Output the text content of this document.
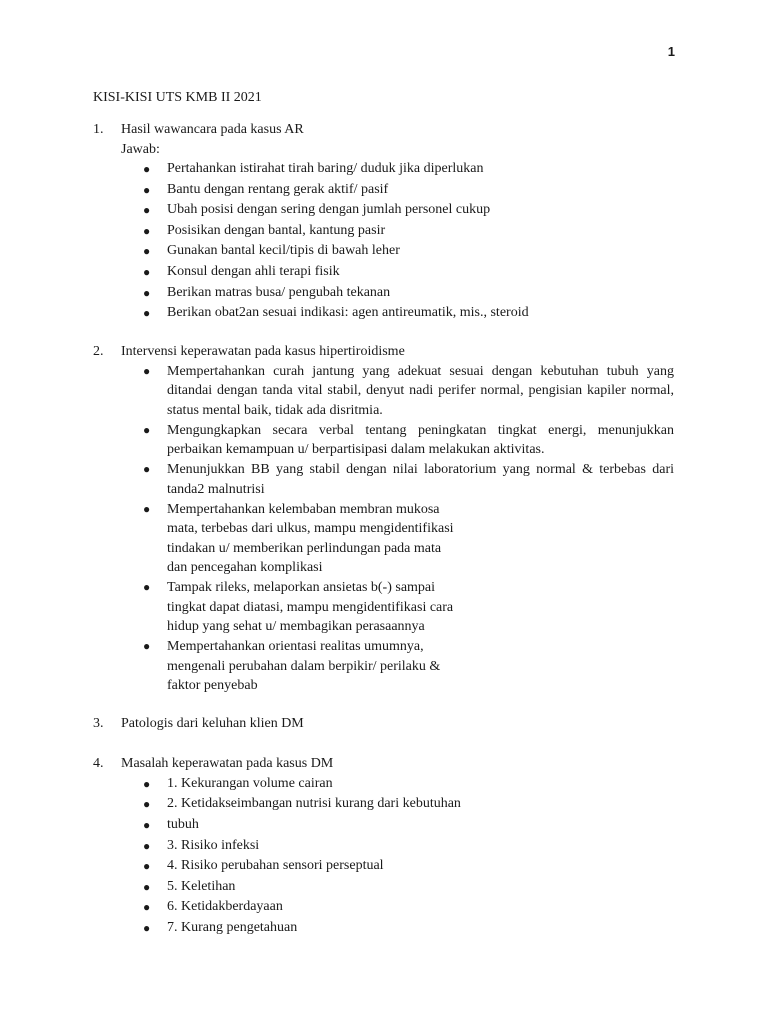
1
KISI-KISI UTS KMB II 2021
1.	Hasil wawancara pada kasus AR
Jawab:
● Pertahankan istirahat tirah baring/ duduk jika diperlukan
● Bantu dengan rentang gerak aktif/ pasif
● Ubah posisi dengan sering dengan jumlah personel cukup
● Posisikan dengan bantal, kantung pasir
● Gunakan bantal kecil/tipis di bawah leher
● Konsul dengan ahli terapi fisik
● Berikan matras busa/ pengubah tekanan
● Berikan obat2an sesuai indikasi: agen antireumatik, mis., steroid
2.	Intervensi keperawatan pada kasus hipertiroidisme
● Mempertahankan curah jantung yang adekuat sesuai dengan kebutuhan tubuh yang ditandai dengan tanda vital stabil, denyut nadi perifer normal, pengisian kapiler normal, status mental baik, tidak ada disritmia.
● Mengungkapkan secara verbal tentang peningkatan tingkat energi, menunjukkan perbaikan kemampuan u/ berpartisipasi dalam melakukan aktivitas.
● Menunjukkan BB yang stabil dengan nilai laboratorium yang normal & terbebas dari tanda2 malnutrisi
● Mempertahankan kelembaban membran mukosa
mata, terbebas dari ulkus, mampu mengidentifikasi
tindakan u/ memberikan perlindungan pada mata
dan pencegahan komplikasi
● Tampak rileks, melaporkan ansietas b(-) sampai
tingkat dapat diatasi, mampu mengidentifikasi cara
hidup yang sehat u/ membagikan perasaannya
● Mempertahankan orientasi realitas umumnya,
mengenali perubahan dalam berpikir/ perilaku &
faktor penyebab
3.	Patologis dari keluhan klien DM
4.	Masalah keperawatan pada kasus DM
● 1. Kekurangan volume cairan
● 2. Ketidakseimbangan nutrisi kurang dari kebutuhan
● tubuh
● 3. Risiko infeksi
● 4. Risiko perubahan sensori perseptual
● 5. Keletihan
● 6. Ketidakberdayaan
● 7. Kurang pengetahuan
